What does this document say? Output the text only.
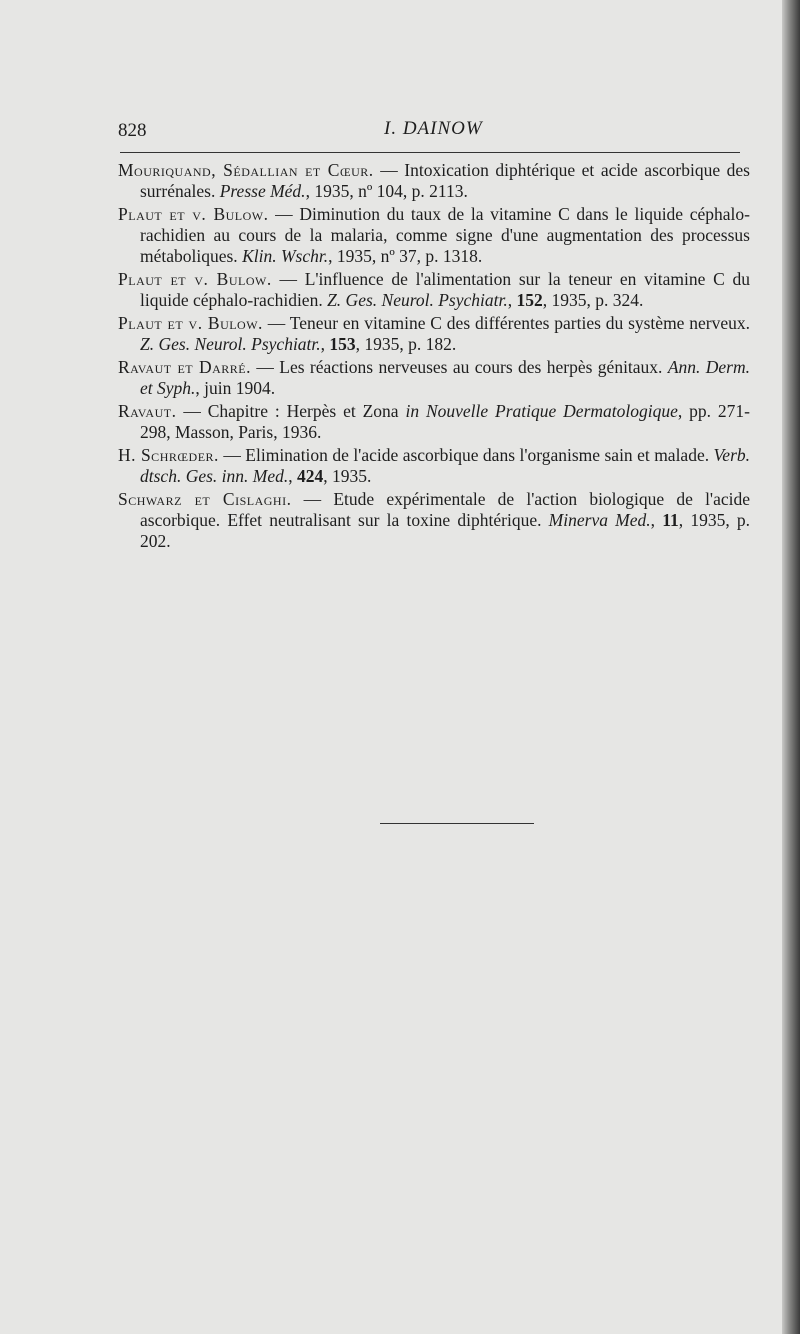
828	I. DAINOW

Mouriquand, Sédallian et Cœur. — Intoxication diphtérique et acide ascorbique des surrénales. Presse Méd., 1935, nº 104, p. 2113.

Plaut et v. Bulow. — Diminution du taux de la vitamine C dans le liquide céphalo-rachidien au cours de la malaria, comme signe d'une augmentation des processus métaboliques. Klin. Wschr., 1935, nº 37, p. 1318.

Plaut et v. Bulow. — L'influence de l'alimentation sur la teneur en vitamine C du liquide céphalo-rachidien. Z. Ges. Neurol. Psychiatr., 152, 1935, p. 324.

Plaut et v. Bulow. — Teneur en vitamine C des différentes parties du système nerveux. Z. Ges. Neurol. Psychiatr., 153, 1935, p. 182.

Ravaut et Darré. — Les réactions nerveuses au cours des herpès génitaux. Ann. Derm. et Syph., juin 1904.

Ravaut. — Chapitre : Herpès et Zona in Nouvelle Pratique Dermatologique, pp. 271-298, Masson, Paris, 1936.

H. Schrœder. — Elimination de l'acide ascorbique dans l'organisme sain et malade. Verb. dtsch. Ges. inn. Med., 424, 1935.

Schwarz et Cislaghi. — Etude expérimentale de l'action biologique de l'acide ascorbique. Effet neutralisant sur la toxine diphtérique. Minerva Med., 11, 1935, p. 202.
